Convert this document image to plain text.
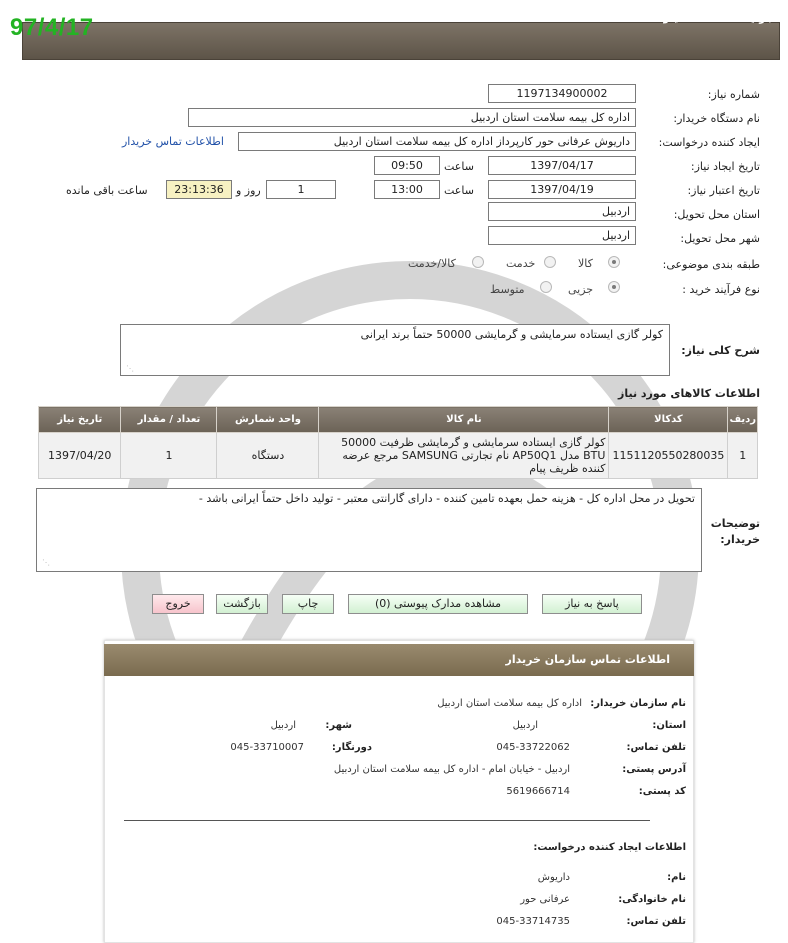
97/4/17	جزئیات اطلاعات نیاز
شماره نیاز:
1197134900002
نام دستگاه خریدار:
اداره کل بیمه سلامت استان اردبیل
ایجاد کننده درخواست:
داریوش عرفانی حور کارپرداز اداره کل بیمه سلامت استان اردبیل
اطلاعات تماس خریدار
تاریخ ایجاد نیاز:
1397/04/17
ساعت
09:50
تاریخ اعتبار نیاز:
1397/04/19
ساعت
13:00
1
روز و
23:13:36
ساعت باقی مانده
استان محل تحویل:
اردبیل
شهر محل تحویل:
اردبیل
طبقه بندی موضوعی:
کالا
خدمت
کالا/خدمت
نوع فرآیند خرید :
جزیی
متوسط
شرح کلی نیاز:
کولر گازی ایستاده سرمایشی و گرمایشی 50000 حتماً برند ایرانی
⋰
اطلاعات کالاهای مورد نیاز
ردیف	کدکالا	نام کالا	واحد شمارش	تعداد / مقدار	تاریخ نیاز
1	1151120550280035	کولر گازی ایستاده سرمایشی و گرمایشی ظرفیت 50000 BTU مدل AP50Q1 نام تجارتی SAMSUNG مرجع عرضه کننده ظریف پیام	دستگاه	1	1397/04/20
توضیحات خریدار:
تحویل در محل اداره کل - هزینه حمل بعهده تامین کننده - دارای گارانتی معتبر - تولید داخل حتماً ایرانی باشد -
⋰
پاسخ به نیاز
مشاهده مدارک پیوستی (0)
چاپ
بازگشت
خروج
اطلاعات تماس سازمان خریدار
نام سازمان خریدار:
اداره کل بیمه سلامت استان اردبیل
استان:
اردبیل
شهر:
اردبیل
تلفن تماس:
045-33722062
دورنگار:
045-33710007
آدرس پستی:
اردبیل - خیابان امام - اداره کل بیمه سلامت استان اردبیل
کد پستی:
5619666714
اطلاعات ایجاد کننده درخواست:
نام:
داریوش
نام خانوادگی:
عرفانی حور
تلفن تماس:
045-33714735
